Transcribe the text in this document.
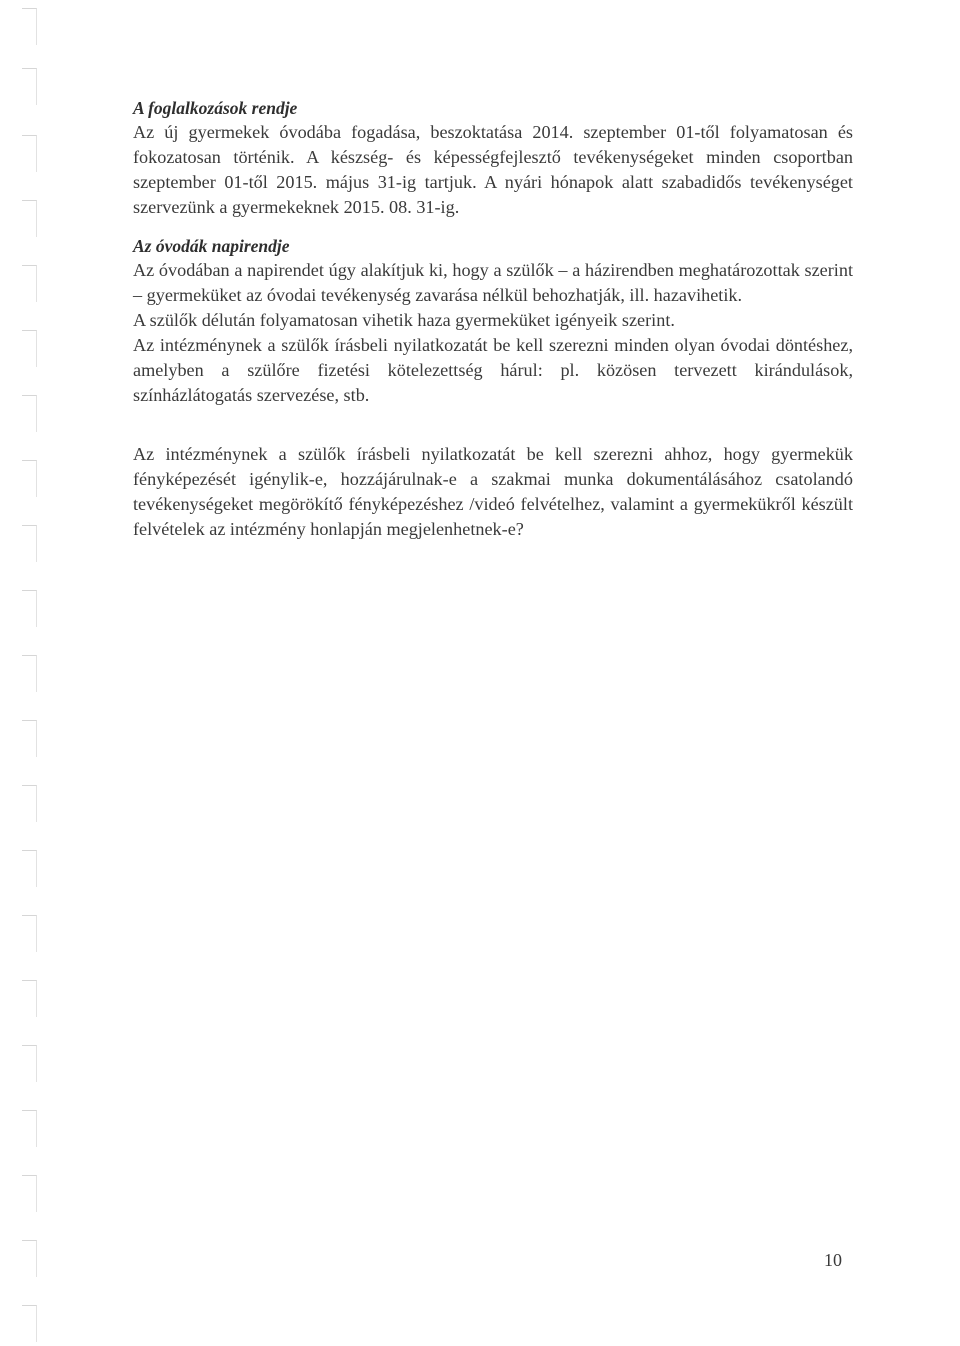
A foglalkozások rendje

Az új gyermekek óvodába fogadása, beszoktatása 2014. szeptember 01-től folyamatosan és fokozatosan történik. A készség- és képességfejlesztő tevékenységeket minden csoportban szeptember 01-től 2015. május 31-ig tartjuk. A nyári hónapok alatt szabadidős tevékenységet szervezünk a gyermekeknek 2015. 08. 31-ig.

Az óvodák napirendje

Az óvodában a napirendet úgy alakítjuk ki, hogy a szülők – a házirendben meghatározottak szerint – gyermeküket az óvodai tevékenység zavarása nélkül behozhatják, ill. hazavihetik.

A szülők délután folyamatosan vihetik haza gyermeküket igényeik szerint.

Az intézménynek a szülők írásbeli nyilatkozatát be kell szerezni minden olyan óvodai döntéshez, amelyben a szülőre fizetési kötelezettség hárul: pl. közösen tervezett kirándulások, színházlátogatás szervezése, stb.

Az intézménynek a szülők írásbeli nyilatkozatát be kell szerezni ahhoz, hogy gyermekük fényképezését igénylik-e, hozzájárulnak-e a szakmai munka dokumentálásához csatolandó tevékenységeket megörökítő fényképezéshez /videó felvételhez, valamint a gyermekükről készült felvételek az intézmény honlapján megjelenhetnek-e?

10
